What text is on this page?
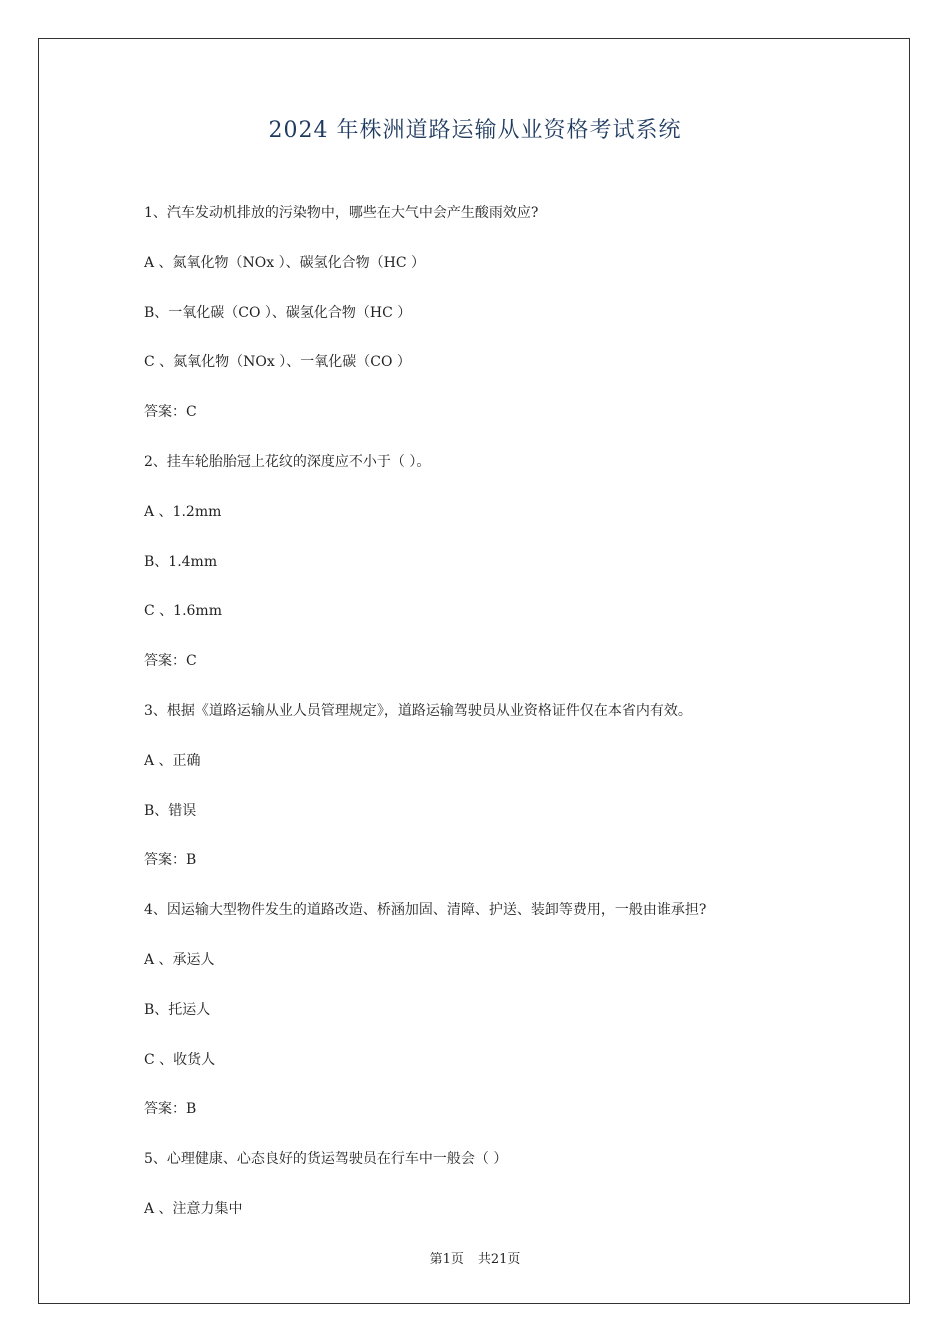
2024 年株洲道路运输从业资格考试系统
1、汽车发动机排放的污染物中，哪些在大气中会产生酸雨效应?
A 、氮氧化物（NOx ）、碳氢化合物（HC ）
B、一氧化碳（CO ）、碳氢化合物（HC ）
C 、氮氧化物（NOx ）、一氧化碳（CO ）
答案：C
2、挂车轮胎胎冠上花纹的深度应不小于（ ）。
A 、1.2mm
B、1.4mm
C 、1.6mm
答案：C
3、根据《道路运输从业人员管理规定》，道路运输驾驶员从业资格证件仅在本省内有效。
A 、正确
B、错误
答案：B
4、因运输大型物件发生的道路改造、桥涵加固、清障、护送、装卸等费用，一般由谁承担?
A 、承运人
B、托运人
C 、收货人
答案：B
5、心理健康、心态良好的货运驾驶员在行车中一般会（ ）
A 、注意力集中
第1页 共21页
